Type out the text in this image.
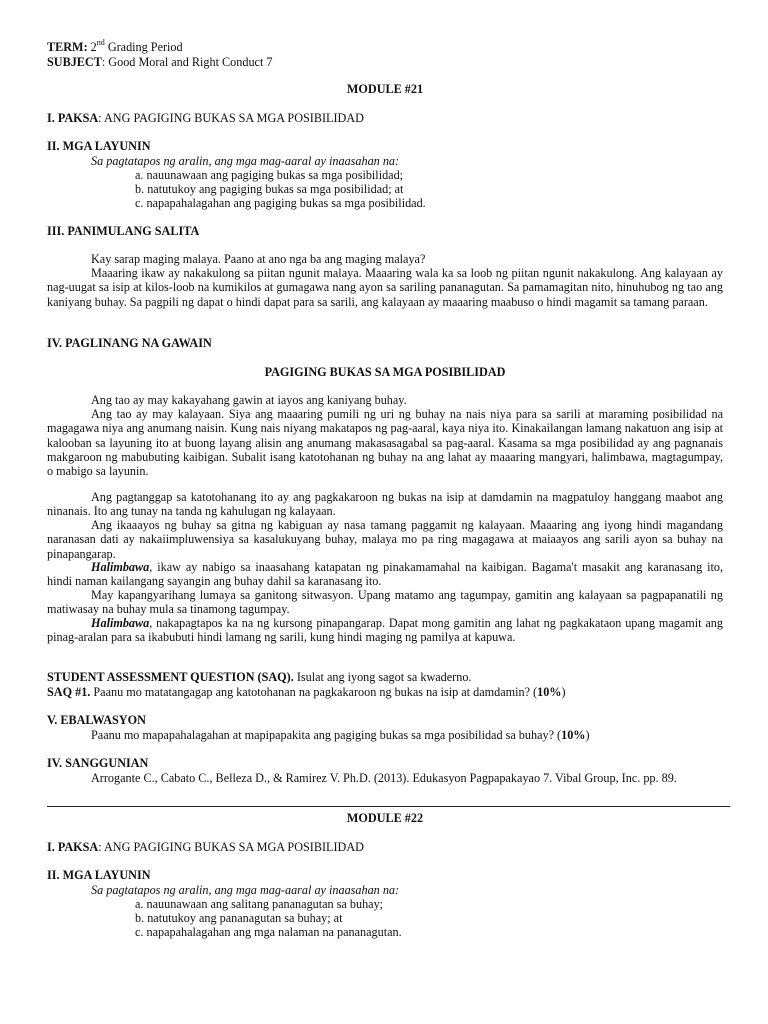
TERM: 2nd Grading Period
SUBJECT: Good Moral and Right Conduct 7
MODULE #21
I. PAKSA: ANG PAGIGING BUKAS SA MGA POSIBILIDAD
II. MGA LAYUNIN
Sa pagtatapos ng aralin, ang mga mag-aaral ay inaasahan na:
a. nauunawaan ang pagiging bukas sa mga posibilidad;
b. natutukoy ang pagiging bukas sa mga posibilidad; at
c. napapahalagahan ang pagiging bukas sa mga posibilidad.
III. PANIMULANG SALITA

Kay sarap maging malaya. Paano at ano nga ba ang maging malaya?

Maaaring ikaw ay nakakulong sa piitan ngunit malaya. Maaaring wala ka sa loob ng piitan ngunit nakakulong. Ang kalayaan ay nag-uugat sa isip at kilos-loob na kumikilos at gumagawa nang ayon sa sariling pananagutan. Sa pamamagitan nito, hinuhubog ng tao ang kaniyang buhay. Sa pagpili ng dapat o hindi dapat para sa sarili, ang kalayaan ay maaaring maabuso o hindi magamit sa tamang paraan.

IV. PAGLINANG NA GAWAIN
PAGIGING BUKAS SA MGA POSIBILIDAD

Ang tao ay may kakayahang gawin at iayos ang kaniyang buhay.

Ang tao ay may kalayaan. Siya ang maaaring pumili ng uri ng buhay na nais niya para sa sarili at maraming posibilidad na magagawa niya ang anumang naisin. Kung nais niyang makatapos ng pag-aaral, kaya niya ito. Kinakailangan lamang nakatuon ang isip at kalooban sa layuning ito at buong layang alisin ang anumang makasasagabal sa pag-aaral. Kasama sa mga posibilidad ay ang pagnanais makgaroon ng mabubuting kaibigan. Subalit isang katotohanan ng buhay na ang lahat ay maaaring mangyari, halimbawa, magtagumpay, o mabigo sa layunin.

Ang pagtanggap sa katotohanang ito ay ang pagkakaroon ng bukas na isip at damdamin na magpatuloy hanggang maabot ang ninanais. Ito ang tunay na tanda ng kahulugan ng kalayaan.

Ang ikaaayos ng buhay sa gitna ng kabiguan ay nasa tamang paggamit ng kalayaan. Maaaring ang iyong hindi magandang naranasan dati ay nakaiimpluwensiya sa kasalukuyang buhay, malaya mo pa ring magagawa at maiaayos ang sarili ayon sa buhay na pinapangarap.

Halimbawa, ikaw ay nabigo sa inaasahang katapatan ng pinakamamahal na kaibigan. Bagama't masakit ang karanasang ito, hindi naman kailangang sayangin ang buhay dahil sa karanasang ito.

May kapangyarihang lumaya sa ganitong sitwasyon. Upang matamo ang tagumpay, gamitin ang kalayaan sa pagpapanatili ng matiwasay na buhay mula sa tinamong tagumpay.

Halimbawa, nakapagtapos ka na ng kursong pinapangarap. Dapat mong gamitin ang lahat ng pagkakataon upang magamit ang pinag-aralan para sa ikabubuti hindi lamang ng sarili, kung hindi maging ng pamilya at kapuwa.

STUDENT ASSESSMENT QUESTION (SAQ). Isulat ang iyong sagot sa kwaderno.
SAQ #1. Paanu mo matatangagap ang katotohanan na pagkakaroon ng bukas na isip at damdamin? (10%)
V. EBALWASYON
Paanu mo mapapahalagahan at mapipapakita ang pagiging bukas sa mga posibilidad sa buhay? (10%)
IV. SANGGUNIAN

Arrogante C., Cabato C., Belleza D., & Ramirez V. Ph.D. (2013). Edukasyon Pagpapakayao 7. Vibal Group, Inc. pp. 89.

MODULE #22
I. PAKSA: ANG PAGIGING BUKAS SA MGA POSIBILIDAD
II. MGA LAYUNIN
Sa pagtatapos ng aralin, ang mga mag-aaral ay inaasahan na:
a. nauunawaan ang salitang pananagutan sa buhay;
b. natutukoy ang pananagutan sa buhay; at
c. napapahalagahan ang mga nalaman na pananagutan.
